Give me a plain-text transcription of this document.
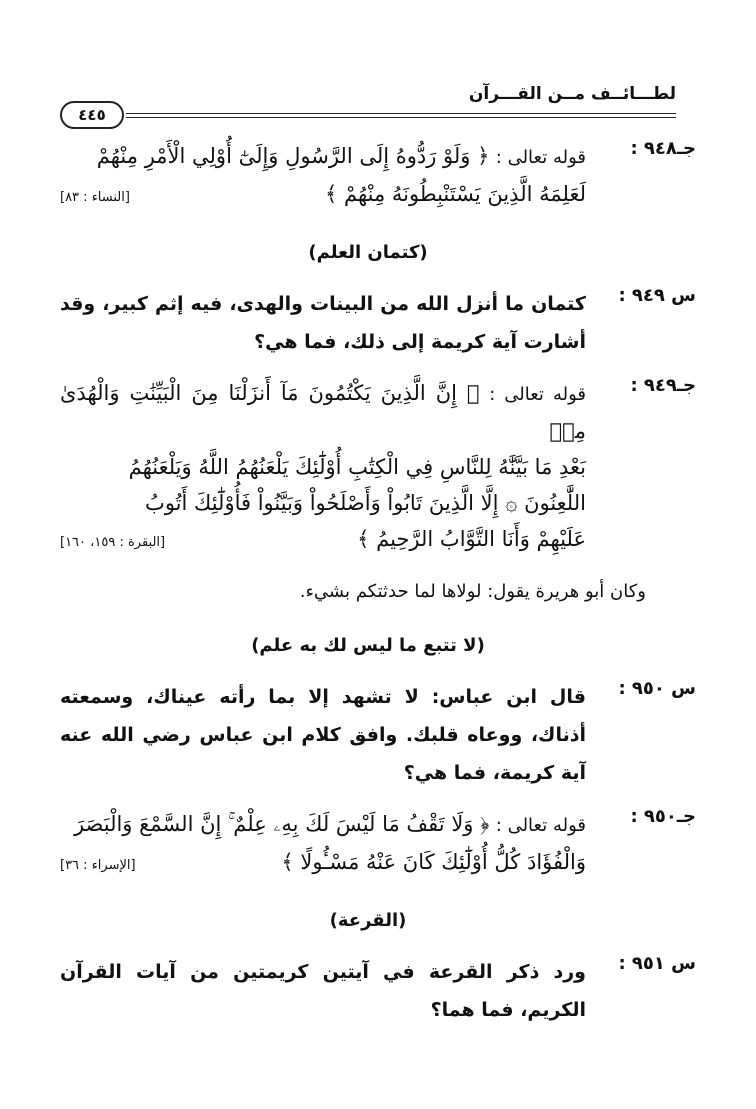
لطـــائــف مــن القـــرآن
٤٤٥
جـ٩٤٨ :
قوله تعالى : ﴿ وَلَوْ رَدُّوهُ إِلَى الرَّسُولِ وَإِلَىٰٓ أُوْلِي الْأَمْرِ مِنْهُمْ
لَعَلِمَهُ الَّذِينَ يَسْتَنْبِطُونَهُ مِنْهُمْ ﴾
[النساء : ٨٣]
(كتمان العلم)
س ٩٤٩ :
كتمان ما أنزل الله من البينات والهدى، فيه إثم كبير، وقد أشارت آية كريمة إلى ذلك، فما هي؟
جـ٩٤٩ :
قوله تعالى : ﴿ إِنَّ الَّذِينَ يَكْتُمُونَ مَآ أَنزَلْنَا مِنَ الْبَيِّنَٰتِ وَالْهُدَىٰ مِنۢ
بَعْدِ مَا بَيَّنَّٰهُ لِلنَّاسِ فِي الْكِتَٰبِ أُوْلَٰٓئِكَ يَلْعَنُهُمُ اللَّهُ وَيَلْعَنُهُمُ
اللَّٰعِنُونَ ۞ إِلَّا الَّذِينَ تَابُواْ وَأَصْلَحُواْ وَبَيَّنُواْ فَأُوْلَٰٓئِكَ أَتُوبُ
عَلَيْهِمْ وَأَنَا التَّوَّابُ الرَّحِيمُ ﴾
[البقرة : ١٥٩، ١٦٠]
وكان أبو هريرة يقول: لولاها لما حدثتكم بشيء.
(لا تتبع ما ليس لك به علم)
س ٩٥٠ :
قال ابن عباس: لا تشهد إلا بما رأته عيناك، وسمعته أذناك، ووعاه قلبك. وافق كلام ابن عباس رضي الله عنه آية كريمة، فما هي؟
جـ٩٥٠ :
قوله تعالى : ﴿ وَلَا تَقْفُ مَا لَيْسَ لَكَ بِهِۦ عِلْمٌ ۚ إِنَّ السَّمْعَ وَالْبَصَرَ
وَالْفُؤَادَ كُلُّ أُوْلَٰٓئِكَ كَانَ عَنْهُ مَسْـُٔولًا ﴾
[الإسراء : ٣٦]
(القرعة)
س ٩٥١ :
ورد ذكر القرعة في آيتين كريمتين من آيات القرآن الكريم، فما هما؟
